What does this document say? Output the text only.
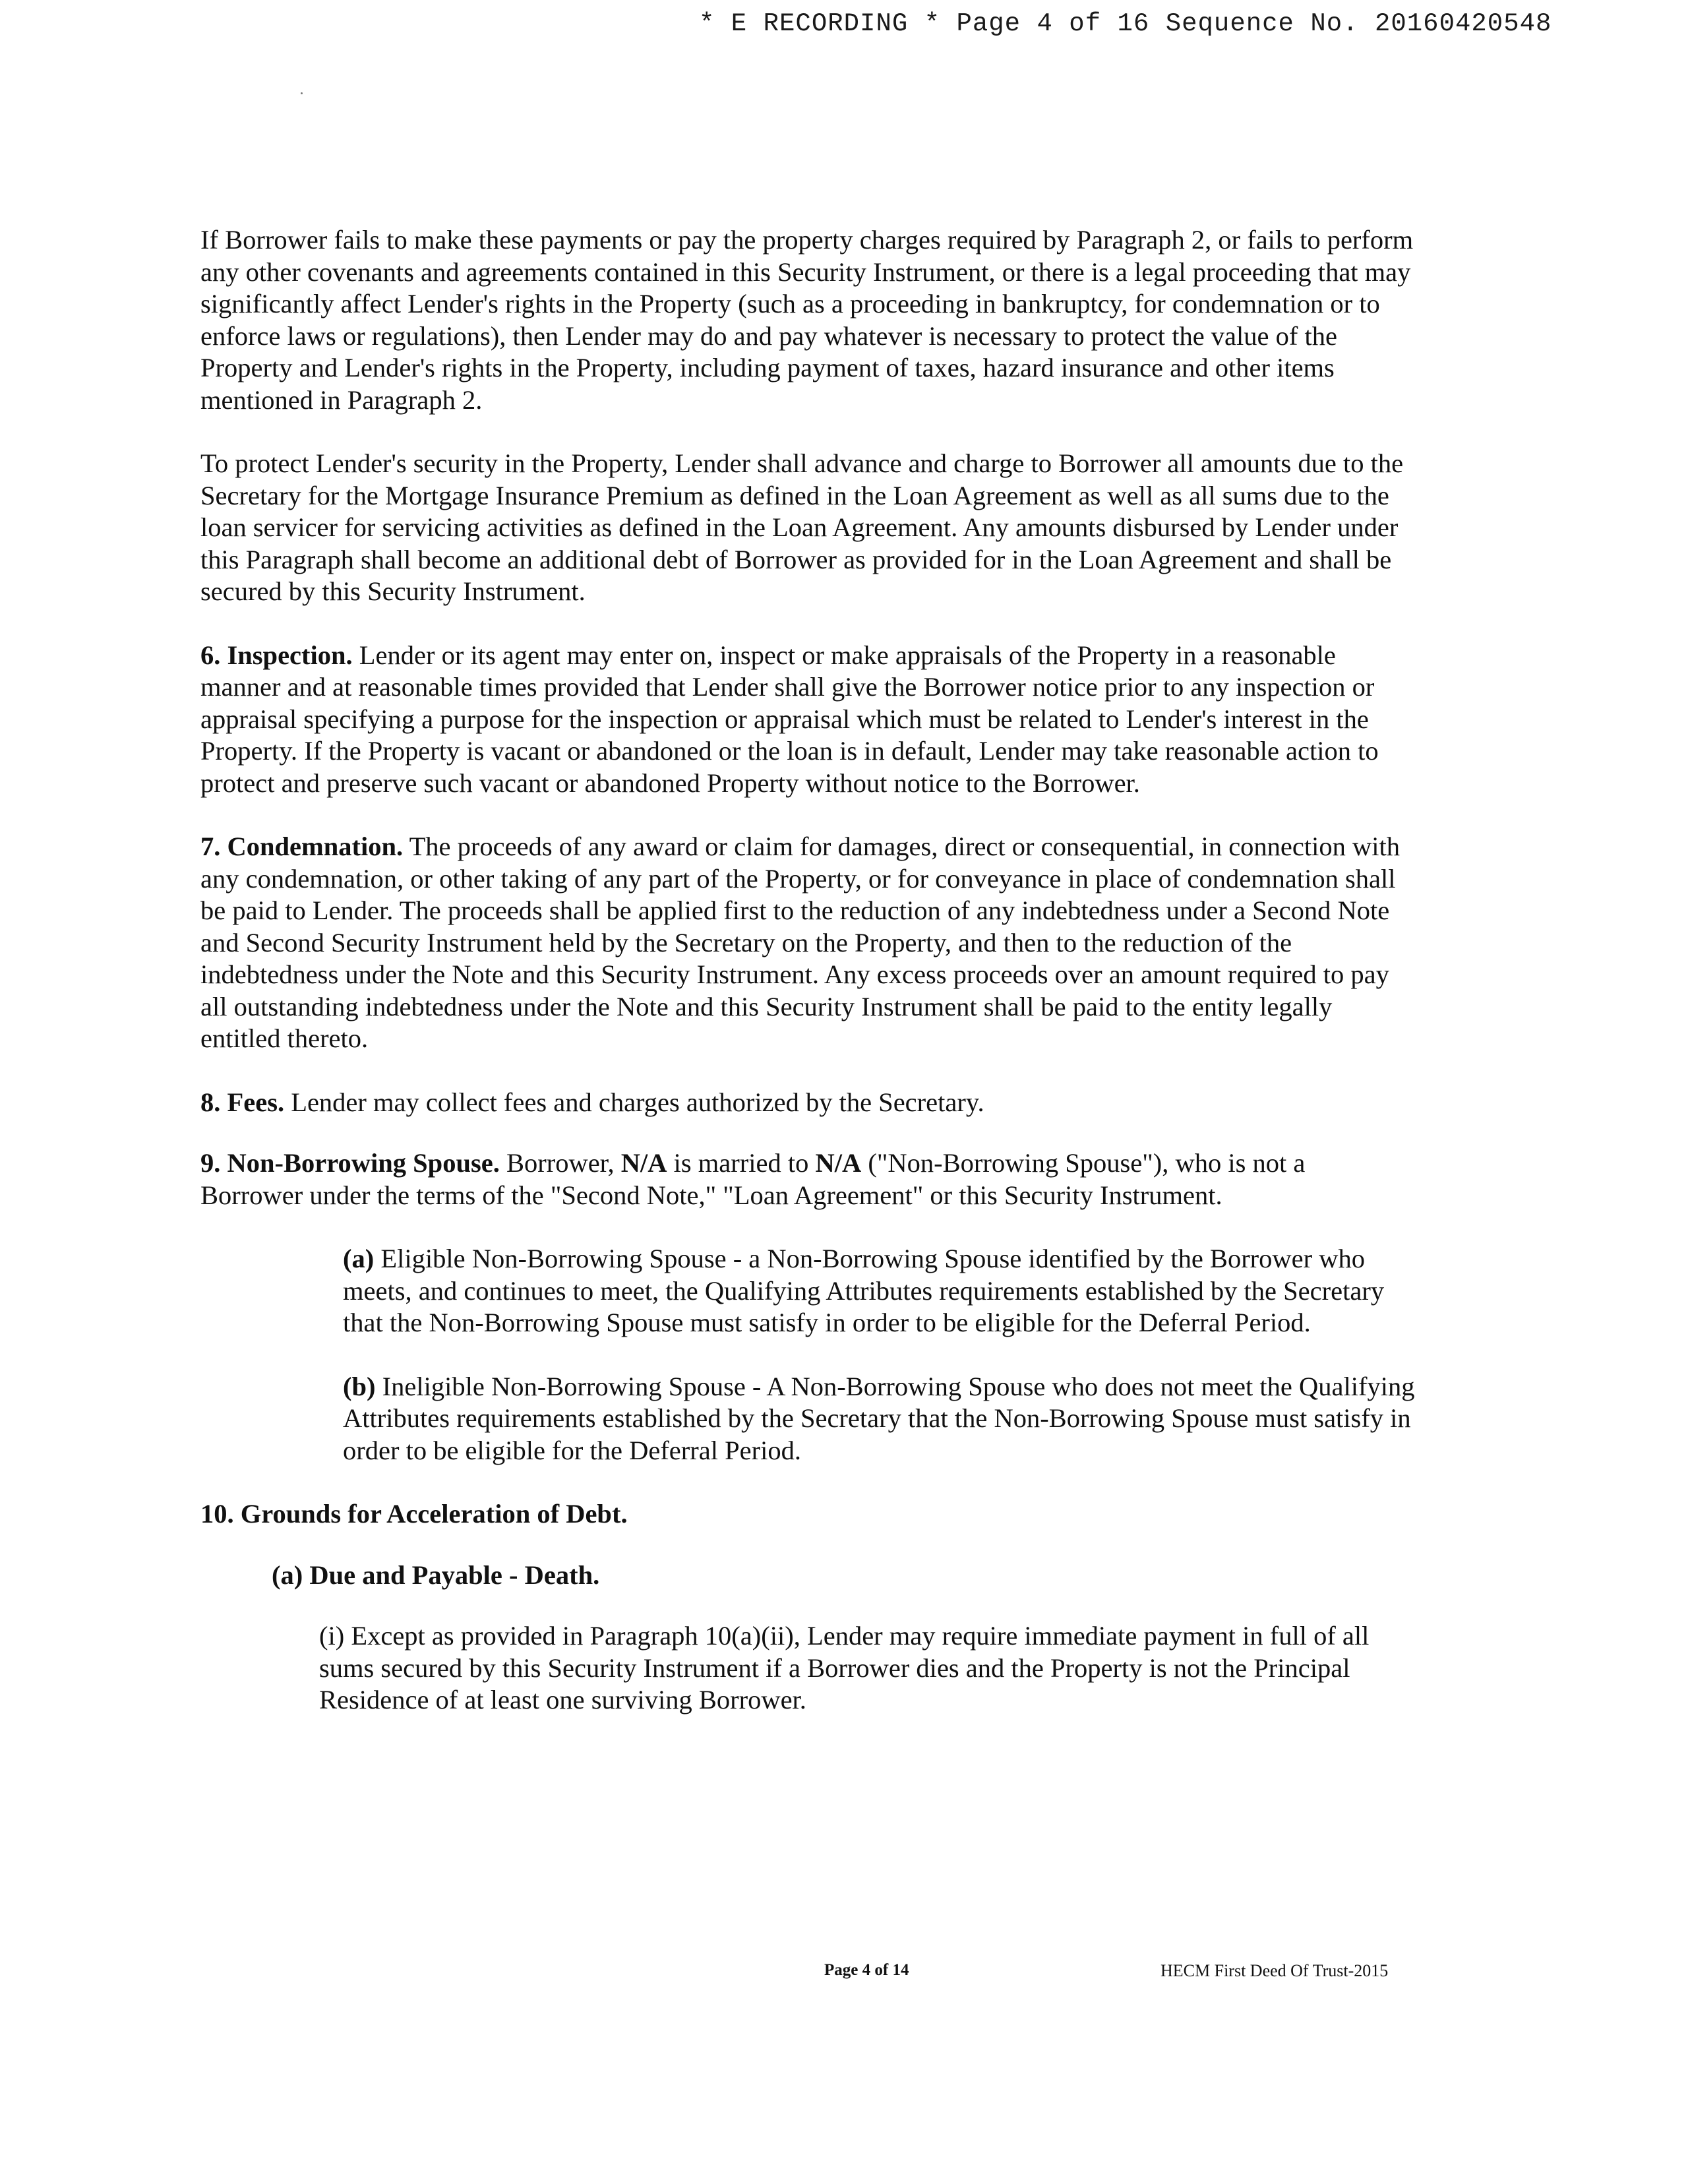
* E RECORDING * Page 4 of 16 Sequence No. 20160420548

If Borrower fails to make these payments or pay the property charges required by Paragraph 2, or fails to perform any other covenants and agreements contained in this Security Instrument, or there is a legal proceeding that may significantly affect Lender's rights in the Property (such as a proceeding in bankruptcy, for condemnation or to enforce laws or regulations), then Lender may do and pay whatever is necessary to protect the value of the Property and Lender's rights in the Property, including payment of taxes, hazard insurance and other items mentioned in Paragraph 2.

To protect Lender's security in the Property, Lender shall advance and charge to Borrower all amounts due to the Secretary for the Mortgage Insurance Premium as defined in the Loan Agreement as well as all sums due to the loan servicer for servicing activities as defined in the Loan Agreement. Any amounts disbursed by Lender under this Paragraph shall become an additional debt of Borrower as provided for in the Loan Agreement and shall be secured by this Security Instrument.

6. Inspection. Lender or its agent may enter on, inspect or make appraisals of the Property in a reasonable manner and at reasonable times provided that Lender shall give the Borrower notice prior to any inspection or appraisal specifying a purpose for the inspection or appraisal which must be related to Lender's interest in the Property. If the Property is vacant or abandoned or the loan is in default, Lender may take reasonable action to protect and preserve such vacant or abandoned Property without notice to the Borrower.

7. Condemnation. The proceeds of any award or claim for damages, direct or consequential, in connection with any condemnation, or other taking of any part of the Property, or for conveyance in place of condemnation shall be paid to Lender. The proceeds shall be applied first to the reduction of any indebtedness under a Second Note and Second Security Instrument held by the Secretary on the Property, and then to the reduction of the indebtedness under the Note and this Security Instrument. Any excess proceeds over an amount required to pay all outstanding indebtedness under the Note and this Security Instrument shall be paid to the entity legally entitled thereto.

8. Fees. Lender may collect fees and charges authorized by the Secretary.

9. Non-Borrowing Spouse. Borrower, N/A is married to N/A ("Non-Borrowing Spouse"), who is not a Borrower under the terms of the "Second Note," "Loan Agreement" or this Security Instrument.

(a) Eligible Non-Borrowing Spouse - a Non-Borrowing Spouse identified by the Borrower who meets, and continues to meet, the Qualifying Attributes requirements established by the Secretary that the Non-Borrowing Spouse must satisfy in order to be eligible for the Deferral Period.

(b) Ineligible Non-Borrowing Spouse - A Non-Borrowing Spouse who does not meet the Qualifying Attributes requirements established by the Secretary that the Non-Borrowing Spouse must satisfy in order to be eligible for the Deferral Period.

10. Grounds for Acceleration of Debt.

(a) Due and Payable - Death.

(i) Except as provided in Paragraph 10(a)(ii), Lender may require immediate payment in full of all sums secured by this Security Instrument if a Borrower dies and the Property is not the Principal Residence of at least one surviving Borrower.

Page 4 of 14	HECM First Deed Of Trust-2015
